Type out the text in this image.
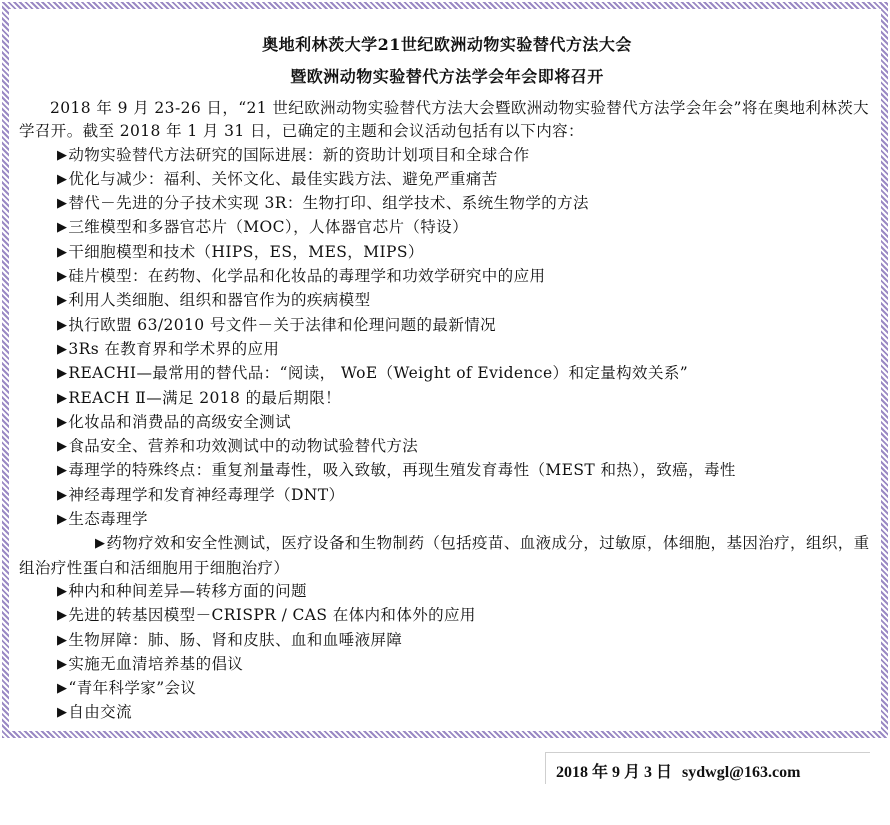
奥地利林茨大学21世纪欧洲动物实验替代方法大会
暨欧洲动物实验替代方法学会年会即将召开

2018 年 9 月 23-26 日，“21 世纪欧洲动物实验替代方法大会暨欧洲动物实验替代方法学会年会”将在奥地利林茨大学召开。截至 2018 年 1 月 31 日，已确定的主题和会议活动包括有以下内容：

▶动物实验替代方法研究的国际进展：新的资助计划项目和全球合作
▶优化与减少：福利、关怀文化、最佳实践方法、避免严重痛苦
▶替代－先进的分子技术实现 3R：生物打印、组学技术、系统生物学的方法
▶三维模型和多器官芯片（MOC），人体器官芯片（特设）
▶干细胞模型和技术（HIPS，ES，MES，MIPS）
▶硅片模型：在药物、化学品和化妆品的毒理学和功效学研究中的应用
▶利用人类细胞、组织和器官作为的疾病模型
▶执行欧盟 63/2010 号文件－关于法律和伦理问题的最新情况
▶3Rs 在教育界和学术界的应用
▶REACHⅠ—最常用的替代品：“阅读， WoE（Weight of Evidence）和定量构效关系”
▶REACH Ⅱ—满足 2018 的最后期限！
▶化妆品和消费品的高级安全测试
▶食品安全、营养和功效测试中的动物试验替代方法
▶毒理学的特殊终点：重复剂量毒性，吸入致敏，再现生殖发育毒性（MEST 和热），致癌，毒性
▶神经毒理学和发育神经毒理学（DNT）
▶生态毒理学
▶药物疗效和安全性测试，医疗设备和生物制药（包括疫苗、血液成分，过敏原，体细胞，基因治疗，组织，重组治疗性蛋白和活细胞用于细胞治疗）
▶种内和种间差异—转移方面的问题
▶先进的转基因模型－CRISPR / CAS 在体内和体外的应用
▶生物屏障：肺、肠、肾和皮肤、血和血唾液屏障
▶实施无血清培养基的倡议
▶“青年科学家”会议
▶自由交流
2018 年 9 月 3 日 sydwgl@163.com
